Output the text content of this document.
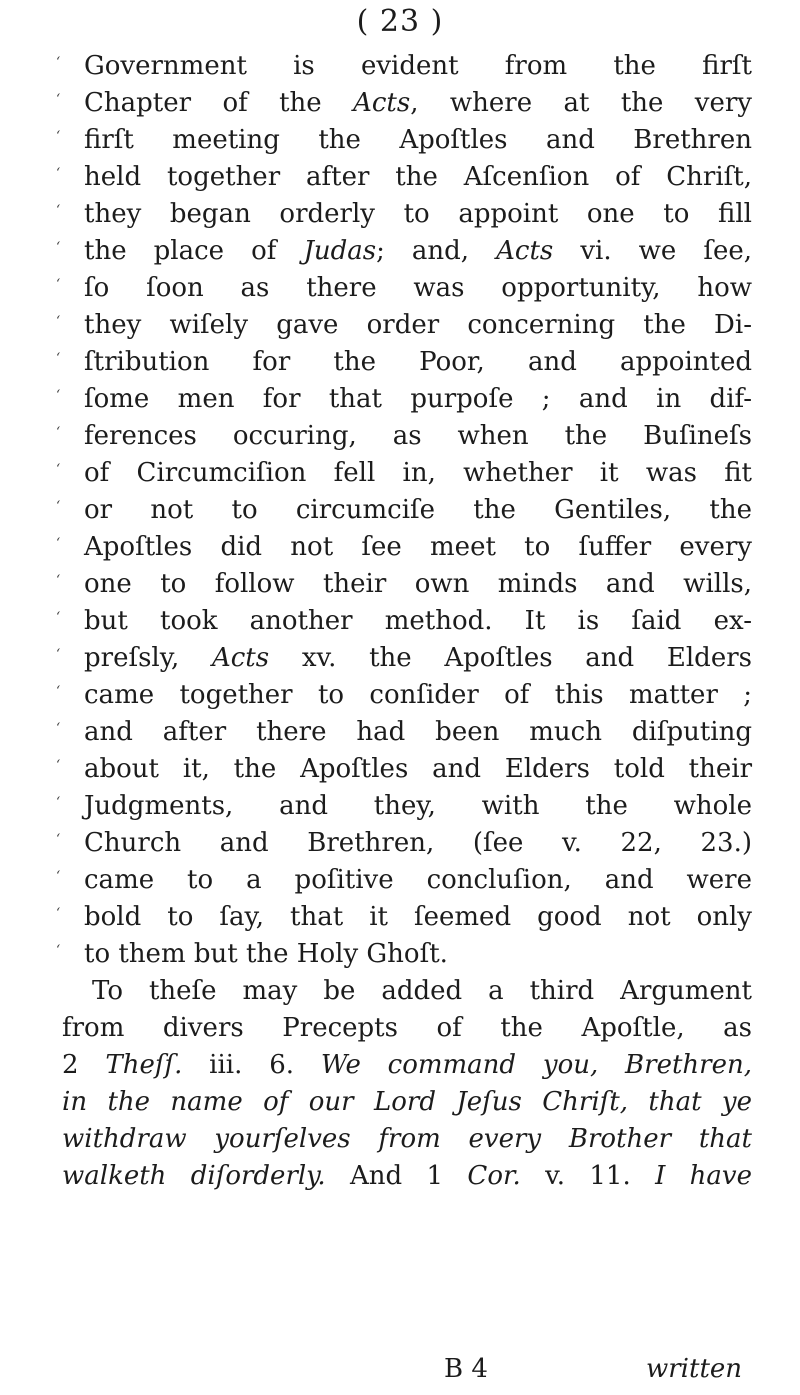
( 23 )
‘ Government is evident from the firſt
‘ Chapter of the Acts, where at the very
‘ firſt meeting the Apoſtles and Brethren
‘ held together after the Aſcenſion of Chriſt,
‘ they began orderly to appoint one to fill
‘ the place of Judas; and, Acts vi. we ſee,
‘ ſo ſoon as there was opportunity, how
‘ they wiſely gave order concerning the Di-
‘ ſtribution for the Poor, and appointed
‘ ſome men for that purpoſe ; and in dif-
‘ ferences occuring, as when the Buſineſs
‘ of Circumciſion fell in, whether it was fit
‘ or not to circumciſe the Gentiles, the
‘ Apoſtles did not ſee meet to ſuffer every
‘ one to follow their own minds and wills,
‘ but took another method. It is ſaid ex-
‘ preſsly, Acts xv. the Apoſtles and Elders
‘ came together to conſider of this matter ;
‘ and after there had been much diſputing
‘ about it, the Apoſtles and Elders told their
‘ Judgments, and they, with the whole
‘ Church and Brethren, (ſee v. 22, 23.)
‘ came to a poſitive concluſion, and were
‘ bold to ſay, that it ſeemed good not only
‘ to them but the Holy Ghoſt.
To theſe may be added a third Argument
from divers Precepts of the Apoſtle, as
2 Theſſ. iii. 6. We command you, Brethren,
in the name of our Lord Jeſus Chriſt, that ye
withdraw yourſelves from every Brother that
walketh diſorderly. And 1 Cor. v. 11. I have
B 4	written
